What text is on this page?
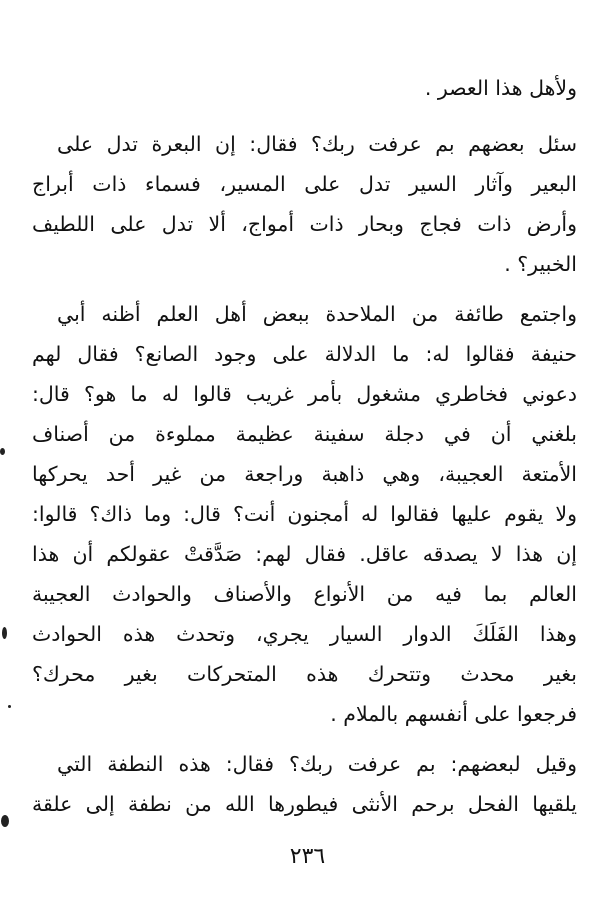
ولأهل هذا العصر .
سئل بعضهم بم عرفت ربك؟ فقال: إن البعرة تدل على
البعير وآثار السير تدل على المسير، فسماء ذات أبراج
وأرض ذات فجاج وبحار ذات أمواج، ألا تدل على اللطيف
الخبير؟ .
واجتمع طائفة من الملاحدة ببعض أهل العلم أظنه أبي
حنيفة فقالوا له: ما الدلالة على وجود الصانع؟ فقال لهم
دعوني فخاطري مشغول بأمر غريب قالوا له ما هو؟ قال:
بلغني أن في دجلة سفينة عظيمة مملوءة من أصناف
الأمتعة العجيبة، وهي ذاهبة وراجعة من غير أحد يحركها
ولا يقوم عليها فقالوا له أمجنون أنت؟ قال: وما ذاك؟ قالوا:
إن هذا لا يصدقه عاقل. فقال لهم: صَدَّقتْ عقولكم أن هذا
العالم بما فيه من الأنواع والأصناف والحوادث العجيبة
وهذا الفَلَكَ الدوار السيار يجري، وتحدث هذه الحوادث
بغير محدث وتتحرك هذه المتحركات بغير محرك؟
فرجعوا على أنفسهم بالملام .
وقيل لبعضهم: بم عرفت ربك؟ فقال: هذه النطفة التي
يلقيها الفحل برحم الأنثى فيطورها الله من نطفة إلى علقة
٢٣٦
